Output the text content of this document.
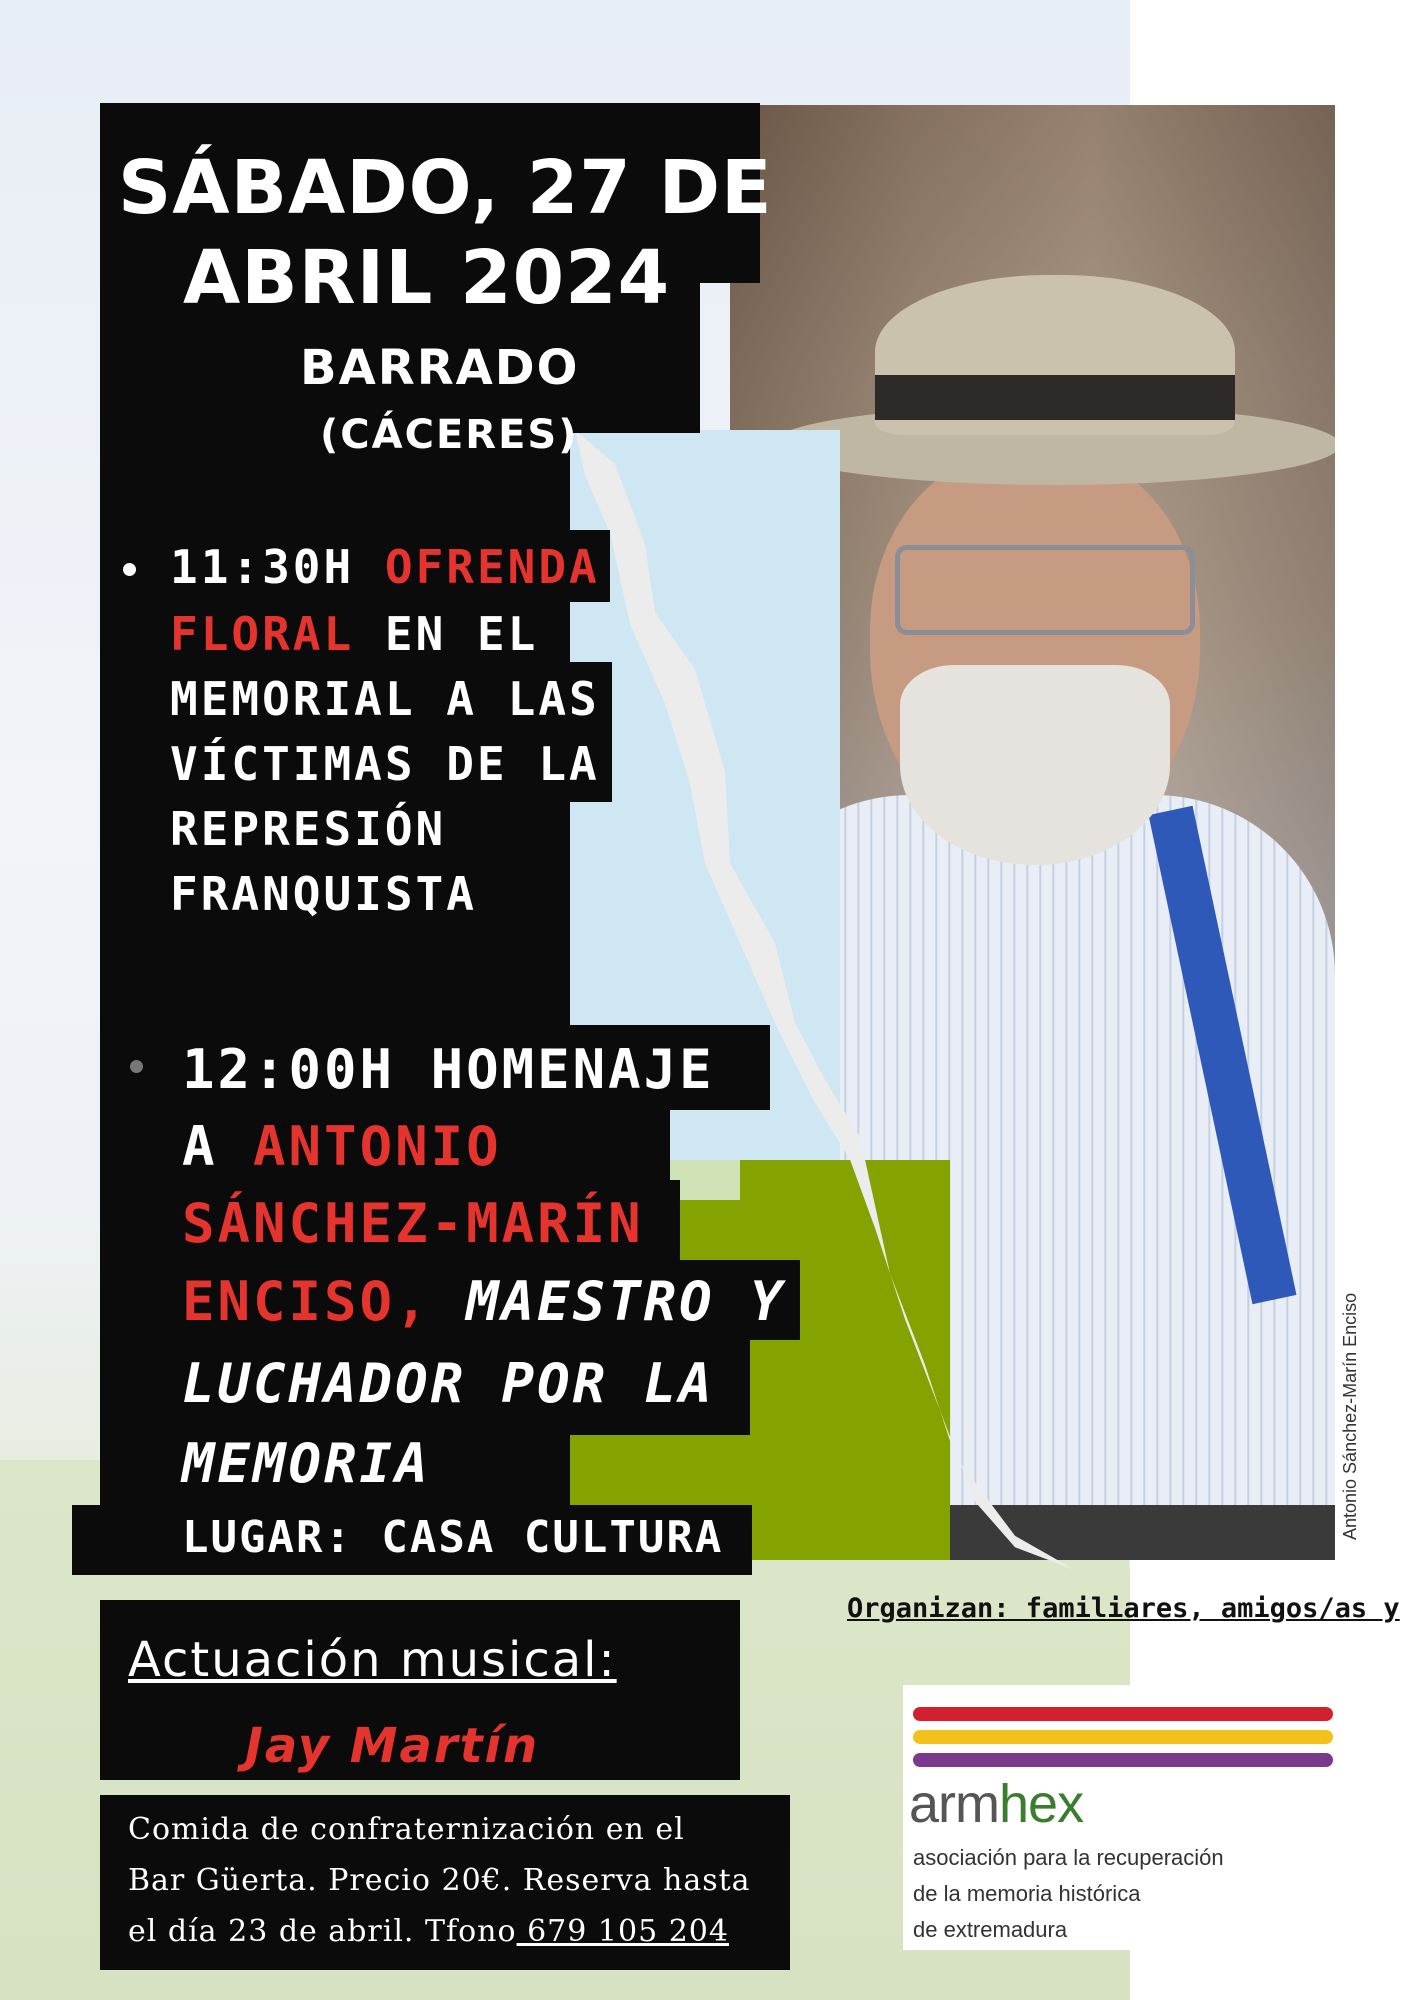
SÁBADO, 27 DE

ABRIL 2024

BARRADO

(CÁCERES)

11:30H OFRENDA

FLORAL EN EL

MEMORIAL A LAS

VÍCTIMAS DE LA

REPRESIÓN

FRANQUISTA

12:00H HOMENAJE

A ANTONIO

SÁNCHEZ-MARÍN

ENCISO, MAESTRO Y

LUCHADOR POR LA

MEMORIA

LUGAR: CASA CULTURA

Actuación musical:

Jay Martín

Comida de confraternización en el

Bar Güerta. Precio 20€. Reserva hasta

el día 23 de abril. Tfono 679 105 204

Antonio Sánchez-Marín Enciso
Organizan: familiares, amigos/as y
armhex
asociación para la recuperación
de la memoria histórica
de extremadura
